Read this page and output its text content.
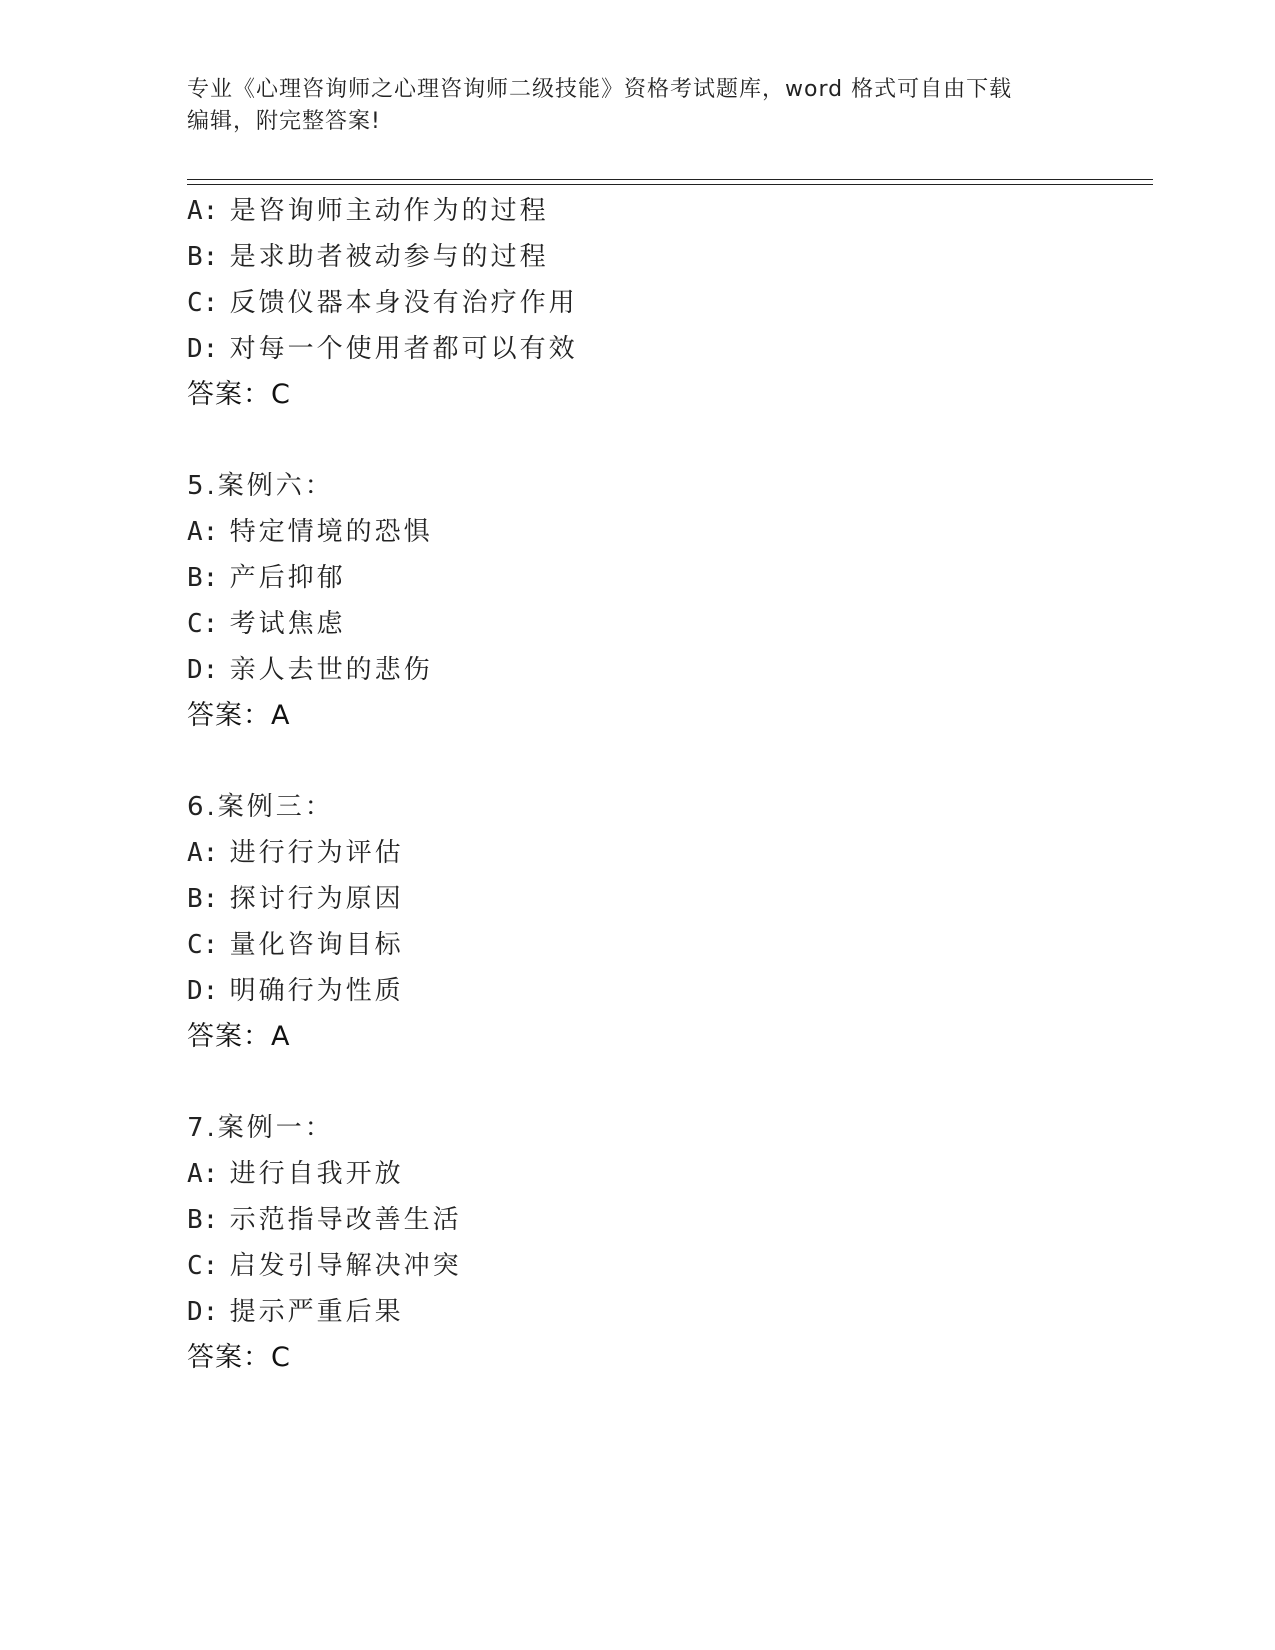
专业《心理咨询师之心理咨询师二级技能》资格考试题库，word 格式可自由下载
编辑，附完整答案!
A: 是咨询师主动作为的过程
B: 是求助者被动参与的过程
C: 反馈仪器本身没有治疗作用
D: 对每一个使用者都可以有效
答案：C
5.案例六：
A: 特定情境的恐惧
B: 产后抑郁
C: 考试焦虑
D: 亲人去世的悲伤
答案：A
6.案例三：
A: 进行行为评估
B: 探讨行为原因
C: 量化咨询目标
D: 明确行为性质
答案：A
7.案例一：
A: 进行自我开放
B: 示范指导改善生活
C: 启发引导解决冲突
D: 提示严重后果
答案：C
